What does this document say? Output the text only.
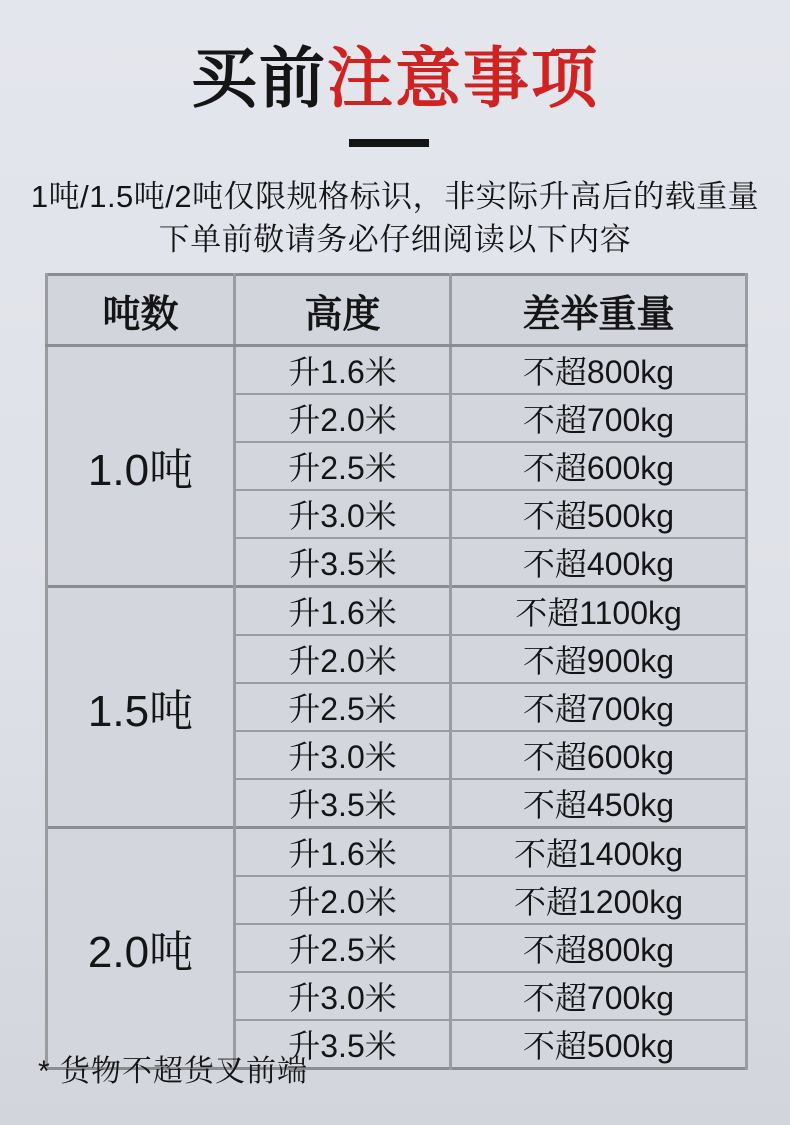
买前注意事项
1吨/1.5吨/2吨仅限规格标识，非实际升高后的载重量
下单前敬请务必仔细阅读以下内容
吨数	高度	差举重量
1.0吨	升1.6米	不超800kg
	升2.0米	不超700kg
	升2.5米	不超600kg
	升3.0米	不超500kg
	升3.5米	不超400kg
1.5吨	升1.6米	不超1100kg
	升2.0米	不超900kg
	升2.5米	不超700kg
	升3.0米	不超600kg
	升3.5米	不超450kg
2.0吨	升1.6米	不超1400kg
	升2.0米	不超1200kg
	升2.5米	不超800kg
	升3.0米	不超700kg
	升3.5米	不超500kg
* 货物不超货叉前端
